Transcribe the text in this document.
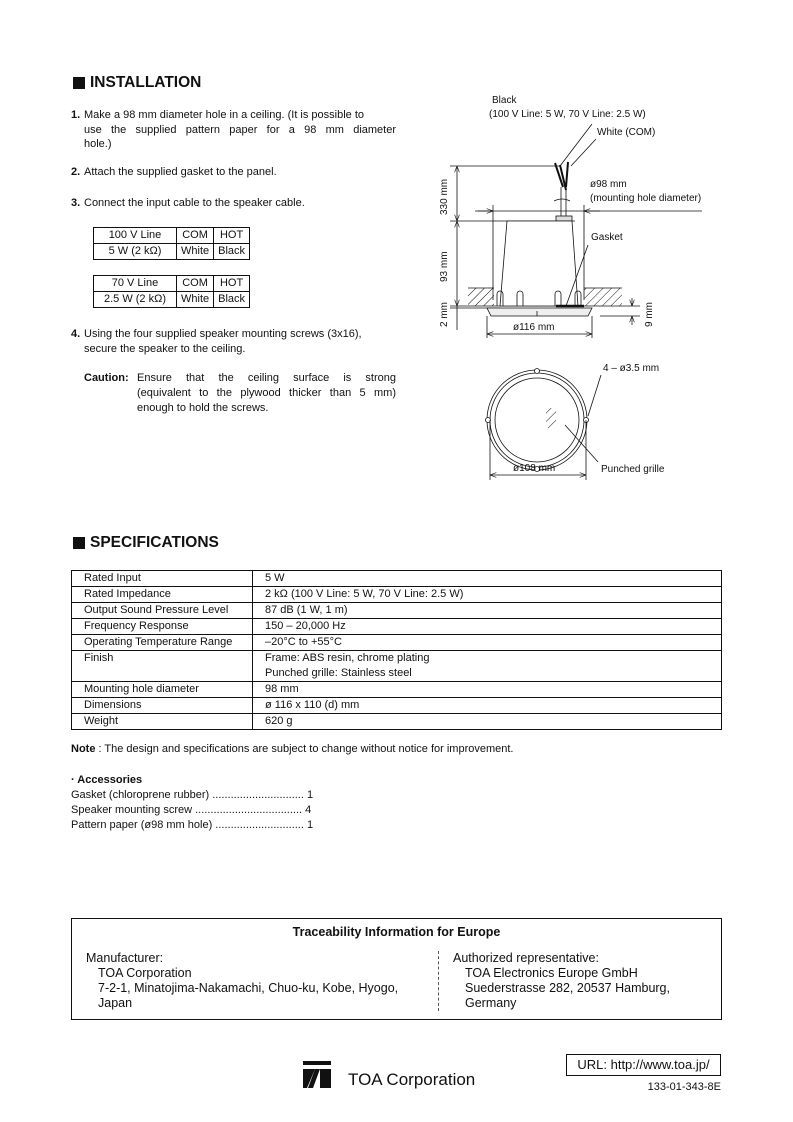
INSTALLATION
1. Make a 98 mm diameter hole in a ceiling. (It is possible to
use the supplied pattern paper for a 98 mm diameter
hole.)
2. Attach the supplied gasket to the panel.
3. Connect the input cable to the speaker cable.
100 V Line	COM	HOT
5 W (2 kΩ)	White	Black
70 V Line	COM	HOT
2.5 W (2 kΩ)	White	Black
4. Using the four supplied speaker mounting screws (3x16),
secure the speaker to the ceiling.
Caution: Ensure that the ceiling surface is strong
(equivalent to the plywood thicker than 5 mm)
enough to hold the screws.
Black
(100 V Line: 5 W, 70 V Line: 2.5 W)
White (COM)
ø98 mm
(mounting hole diameter)
Gasket
330 mm
93 mm
2 mm	9 mm
ø116 mm
4 – ø3.5 mm
ø108 mm	Punched grille
SPECIFICATIONS
Rated Input	5 W
Rated Impedance	2 kΩ (100 V Line: 5 W, 70 V Line: 2.5 W)
Output Sound Pressure Level	87 dB (1 W, 1 m)
Frequency Response	150 – 20,000 Hz
Operating Temperature Range	–20°C to +55°C
Finish	Frame: ABS resin, chrome plating
Punched grille: Stainless steel

Mounting hole diameter	98 mm
Dimensions	ø 116 x 110 (d) mm
Weight	620 g
Note : The design and specifications are subject to change without notice for improvement.
· Accessories
Gasket (chloroprene rubber) .............................. 1
Speaker mounting screw ................................... 4
Pattern paper (ø98 mm hole) ............................. 1
Traceability Information for Europe
Manufacturer:
TOA Corporation
7-2-1, Minatojima-Nakamachi, Chuo-ku, Kobe, Hyogo,
Japan
Authorized representative:
TOA Electronics Europe GmbH
Suederstrasse 282, 20537 Hamburg,
Germany
TOA Corporation
URL: http://www.toa.jp/
133-01-343-8E
